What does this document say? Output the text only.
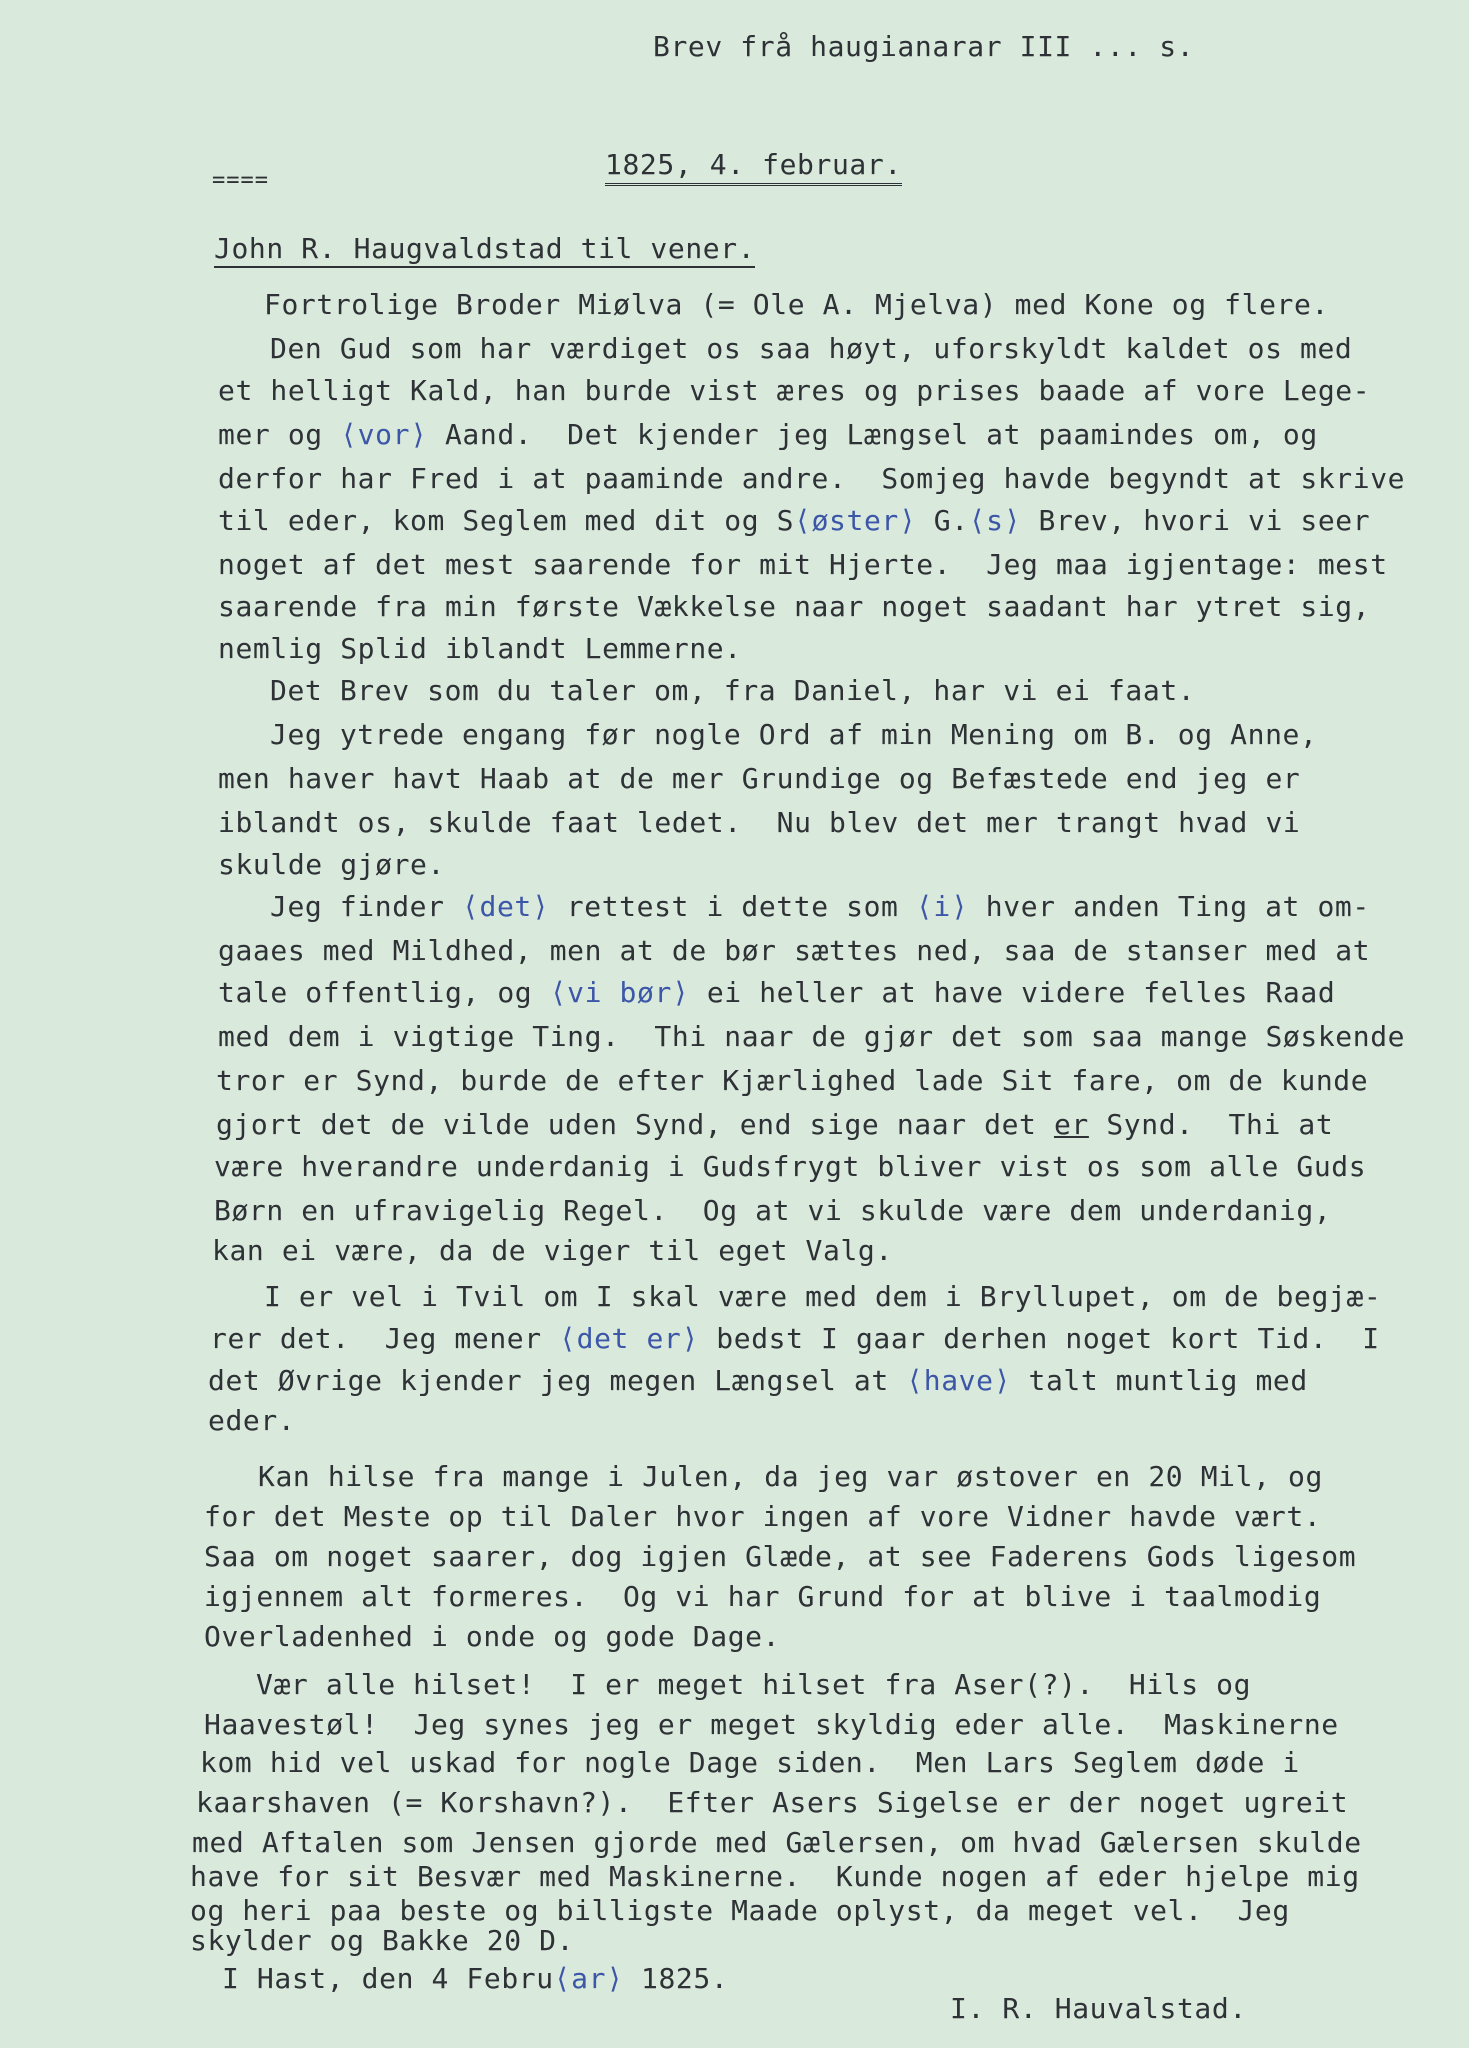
Brev frå haugianarar III ... s.
====	1825, 4. februar.
John R. Haugvaldstad til vener.
Fortrolige Broder Miølva (= Ole A. Mjelva) med Kone og flere.
Den Gud som har værdiget os saa høyt, uforskyldt kaldet os med
et helligt Kald, han burde vist æres og prises baade af vore Lege-
mer og ⟨vor⟩ Aand.  Det kjender jeg Længsel at paamindes om, og
derfor har Fred i at paaminde andre.  Somjeg havde begyndt at skrive
til eder, kom Seglem med dit og S⟨øster⟩ G.⟨s⟩ Brev, hvori vi seer
noget af det mest saarende for mit Hjerte.  Jeg maa igjentage: mest
saarende fra min første Vækkelse naar noget saadant har ytret sig,
nemlig Splid iblandt Lemmerne.
Det Brev som du taler om, fra Daniel, har vi ei faat.
Jeg ytrede engang før nogle Ord af min Mening om B. og Anne,
men haver havt Haab at de mer Grundige og Befæstede end jeg er
iblandt os, skulde faat ledet.  Nu blev det mer trangt hvad vi
skulde gjøre.
Jeg finder ⟨det⟩ rettest i dette som ⟨i⟩ hver anden Ting at om-
gaaes med Mildhed, men at de bør sættes ned, saa de stanser med at
tale offentlig, og ⟨vi bør⟩ ei heller at have videre felles Raad
med dem i vigtige Ting.  Thi naar de gjør det som saa mange Søskende
tror er Synd, burde de efter Kjærlighed lade Sit fare, om de kunde
gjort det de vilde uden Synd, end sige naar det er Synd.  Thi at
være hverandre underdanig i Gudsfrygt bliver vist os som alle Guds
Børn en ufravigelig Regel.  Og at vi skulde være dem underdanig,
kan ei være, da de viger til eget Valg.
I er vel i Tvil om I skal være med dem i Bryllupet, om de begjæ-
rer det.  Jeg mener ⟨det er⟩ bedst I gaar derhen noget kort Tid.  I
det Øvrige kjender jeg megen Længsel at ⟨have⟩ talt muntlig med
eder.
Kan hilse fra mange i Julen, da jeg var østover en 20 Mil, og
for det Meste op til Daler hvor ingen af vore Vidner havde vært.
Saa om noget saarer, dog igjen Glæde, at see Faderens Gods ligesom
igjennem alt formeres.  Og vi har Grund for at blive i taalmodig
Overladenhed i onde og gode Dage.
Vær alle hilset!  I er meget hilset fra Aser(?).  Hils og
Haavestøl!  Jeg synes jeg er meget skyldig eder alle.  Maskinerne
kom hid vel uskad for nogle Dage siden.  Men Lars Seglem døde i
kaarshaven (= Korshavn?).  Efter Asers Sigelse er der noget ugreit
med Aftalen som Jensen gjorde med Gælersen, om hvad Gælersen skulde
have for sit Besvær med Maskinerne.  Kunde nogen af eder hjelpe mig
og heri paa beste og billigste Maade oplyst, da meget vel.  Jeg
skylder og Bakke 20 D.
I Hast, den 4 Febru⟨ar⟩ 1825.
I. R. Hauvalstad.
